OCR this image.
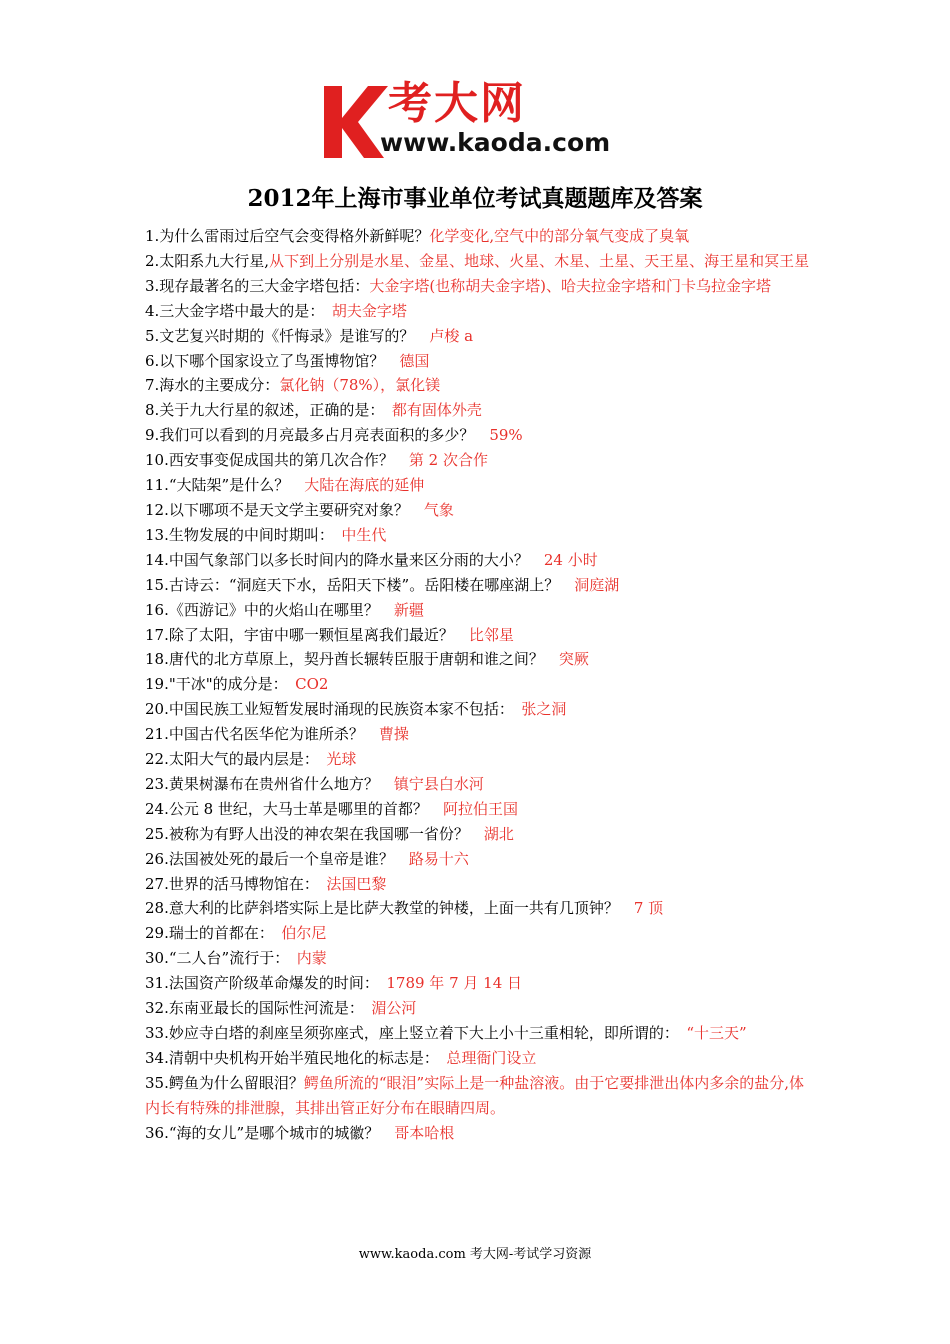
考大网
www.kaoda.com
2012年上海市事业单位考试真题题库及答案
1.为什么雷雨过后空气会变得格外新鲜呢？化学变化,空气中的部分氧气变成了臭氧
2.太阳系九大行星,从下到上分别是水星、金星、地球、火星、木星、土星、天王星、海王星和冥王星
3.现存最著名的三大金字塔包括：大金字塔(也称胡夫金字塔)、哈夫拉金字塔和门卡乌拉金字塔
4.三大金字塔中最大的是：　胡夫金字塔
5.文艺复兴时期的《忏悔录》是谁写的？　卢梭 a
6.以下哪个国家设立了鸟蛋博物馆？　德国
7.海水的主要成分：氯化钠（78%），氯化镁
8.关于九大行星的叙述，正确的是：　都有固体外壳
9.我们可以看到的月亮最多占月亮表面积的多少？　59%
10.西安事变促成国共的第几次合作？　第 2 次合作
11.“大陆架”是什么？　大陆在海底的延伸
12.以下哪项不是天文学主要研究对象？　气象
13.生物发展的中间时期叫：　中生代
14.中国气象部门以多长时间内的降水量来区分雨的大小？　24 小时
15.古诗云：“洞庭天下水，岳阳天下楼”。岳阳楼在哪座湖上？　洞庭湖
16.《西游记》中的火焰山在哪里？　新疆
17.除了太阳，宇宙中哪一颗恒星离我们最近？　比邻星
18.唐代的北方草原上，契丹酋长辗转臣服于唐朝和谁之间？　突厥
19."干冰"的成分是：　CO2
20.中国民族工业短暂发展时涌现的民族资本家不包括：　张之洞
21.中国古代名医华佗为谁所杀？　曹操
22.太阳大气的最内层是：　光球
23.黄果树瀑布在贵州省什么地方？　镇宁县白水河
24.公元 8 世纪，大马士革是哪里的首都？　阿拉伯王国
25.被称为有野人出没的神农架在我国哪一省份？　湖北
26.法国被处死的最后一个皇帝是谁？　路易十六
27.世界的活马博物馆在：　法国巴黎
28.意大利的比萨斜塔实际上是比萨大教堂的钟楼，上面一共有几顶钟？　7 顶
29.瑞士的首都在：　伯尔尼
30.“二人台”流行于：　内蒙
31.法国资产阶级革命爆发的时间：　1789 年 7 月 14 日
32.东南亚最长的国际性河流是：　湄公河
33.妙应寺白塔的刹座呈须弥座式，座上竖立着下大上小十三重相轮，即所谓的：　“十三天”
34.清朝中央机构开始半殖民地化的标志是：　总理衙门设立
35.鳄鱼为什么留眼泪？鳄鱼所流的“眼泪”实际上是一种盐溶液。由于它要排泄出体内多余的盐分,体内长有特殊的排泄腺，其排出管正好分布在眼睛四周。
36.“海的女儿”是哪个城市的城徽？　哥本哈根
www.kaoda.com 考大网-考试学习资源
